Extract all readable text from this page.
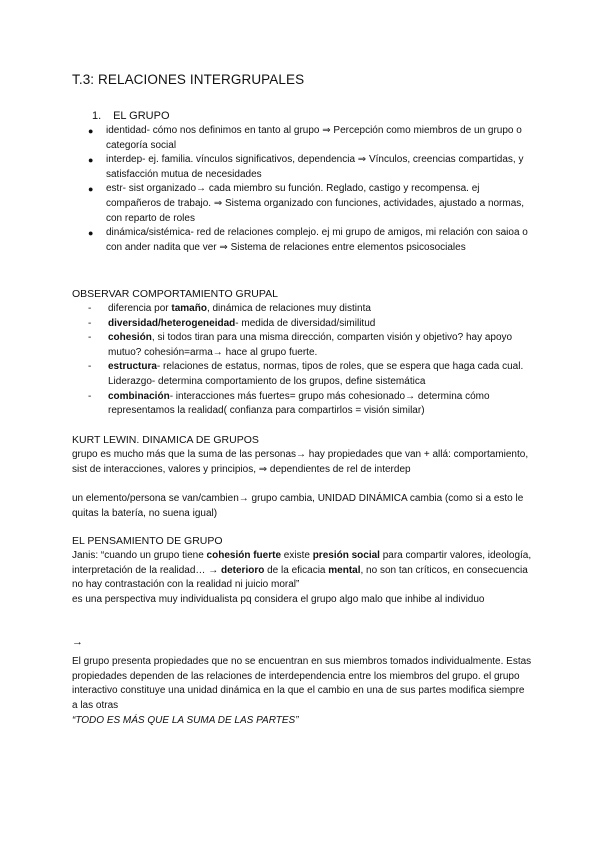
T.3: RELACIONES INTERGRUPALES
1. EL GRUPO
● identidad- cómo nos definimos en tanto al grupo ⇒ Percepción como miembros de un grupo o categoría social
● interdep- ej. familia. vínculos significativos, dependencia ⇒ Vínculos, creencias compartidas, y satisfacción mutua de necesidades
● estr- sist organizado→ cada miembro su función. Reglado, castigo y recompensa. ej compañeros de trabajo. ⇒ Sistema organizado con funciones, actividades, ajustado a normas, con reparto de roles
● dinámica/sistémica- red de relaciones complejo. ej mi grupo de amigos, mi relación con saioa o con ander nadita que ver ⇒ Sistema de relaciones entre elementos psicosociales
OBSERVAR COMPORTAMIENTO GRUPAL
- diferencia por tamaño, dinámica de relaciones muy distinta
- diversidad/heterogeneidad- medida de diversidad/similitud
- cohesión, si todos tiran para una misma dirección, comparten visión y objetivo? hay apoyo mutuo? cohesión=arma→ hace al grupo fuerte.
- estructura- relaciones de estatus, normas, tipos de roles, que se espera que haga cada cual. Liderazgo- determina comportamiento de los grupos, define sistemática
- combinación- interacciones más fuertes= grupo más cohesionado→ determina cómo representamos la realidad( confianza para compartirlos = visión similar)
KURT LEWIN. DINAMICA DE GRUPOS

grupo es mucho más que la suma de las personas→ hay propiedades que van + allá: comportamiento, sist de interacciones, valores y principios, ⇒ dependientes de rel de interdep

un elemento/persona se van/cambien→ grupo cambia, UNIDAD DINÁMICA cambia (como si a esto le quitas la batería, no suena igual)

EL PENSAMIENTO DE GRUPO

Janis: “cuando un grupo tiene cohesión fuerte existe presión social para compartir valores, ideología, interpretación de la realidad… → deterioro de la eficacia mental, no son tan críticos, en consecuencia no hay contrastación con la realidad ni juicio moral”

es una perspectiva muy individualista pq considera el grupo algo malo que inhibe al individuo

→

El grupo presenta propiedades que no se encuentran en sus miembros tomados individualmente. Estas propiedades dependen de las relaciones de interdependencia entre los miembros del grupo. el grupo interactivo constituye una unidad dinámica en la que el cambio en una de sus partes modifica siempre a las otras

“TODO ES MÁS QUE LA SUMA DE LAS PARTES”
